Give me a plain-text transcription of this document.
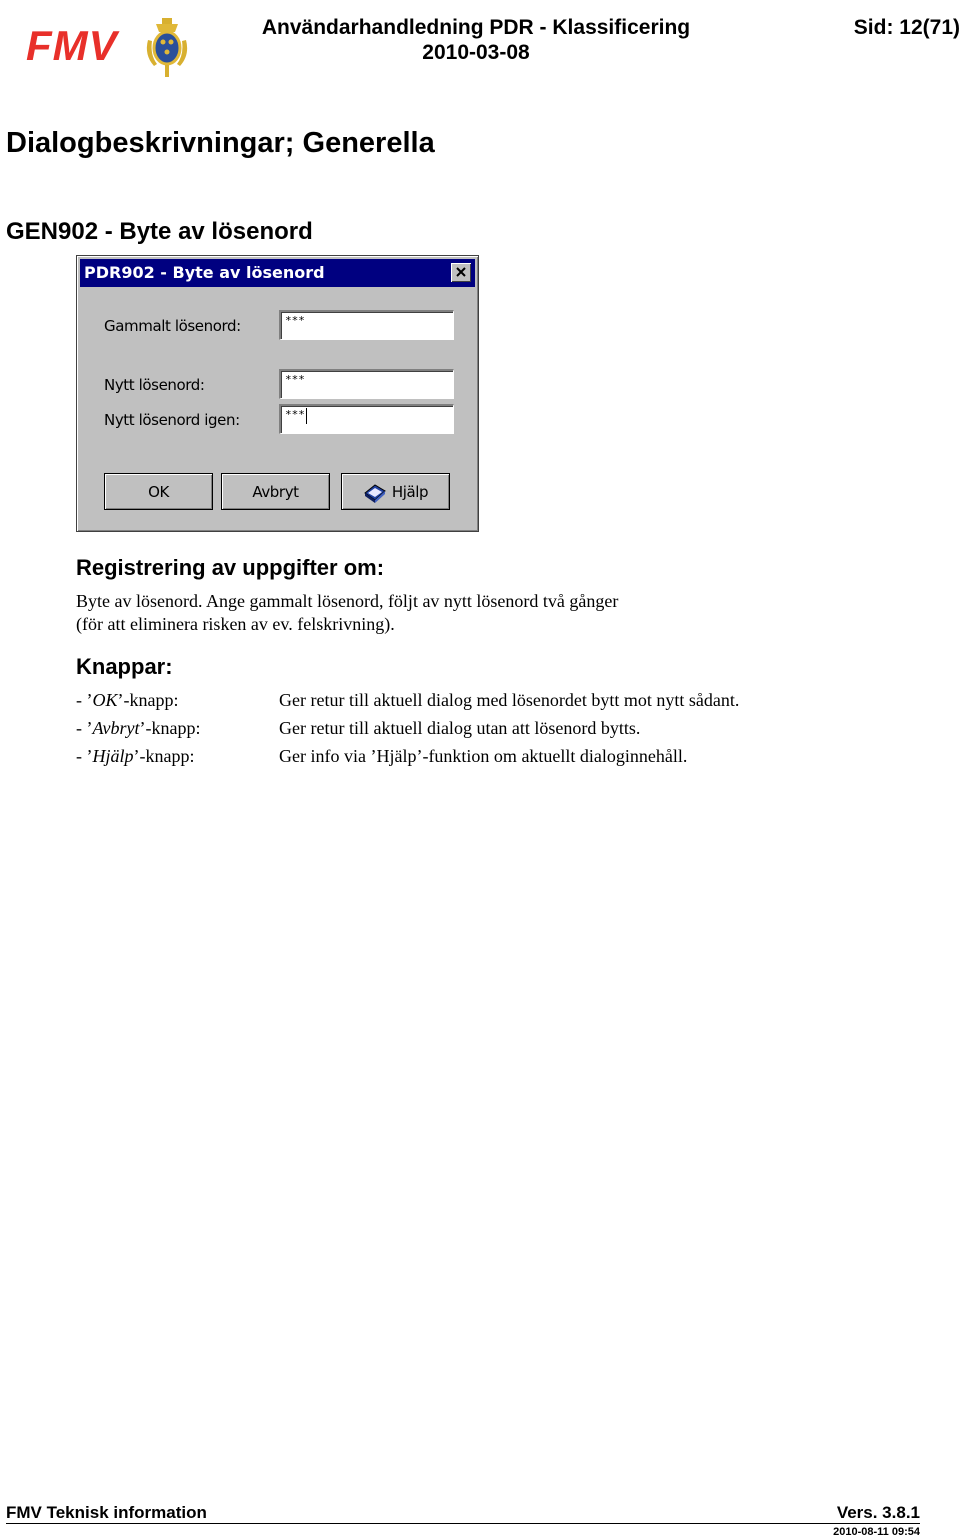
FMV	Användarhandledning PDR - Klassificering
2010-03-08
Sid: 12(71)
Dialogbeskrivningar; Generella
GEN902 - Byte av lösenord
PDR902 - Byte av lösenord
Gammalt lösenord:	***
Nytt lösenord:	***
Nytt lösenord igen:	***
OK	Avbryt	Hjälp
Registrering av uppgifter om:
Byte av lösenord. Ange gammalt lösenord, följt av nytt lösenord två gånger
(för att eliminera risken av ev. felskrivning).
Knappar:
- ’OK’-knapp:	Ger retur till aktuell dialog med lösenordet bytt mot nytt sådant.
- ’Avbryt’-knapp:	Ger retur till aktuell dialog utan att lösenord bytts.
- ’Hjälp’-knapp:	Ger info via ’Hjälp’-funktion om aktuellt dialoginnehåll.
FMV Teknisk information	Vers. 3.8.1
2010-08-11 09:54
